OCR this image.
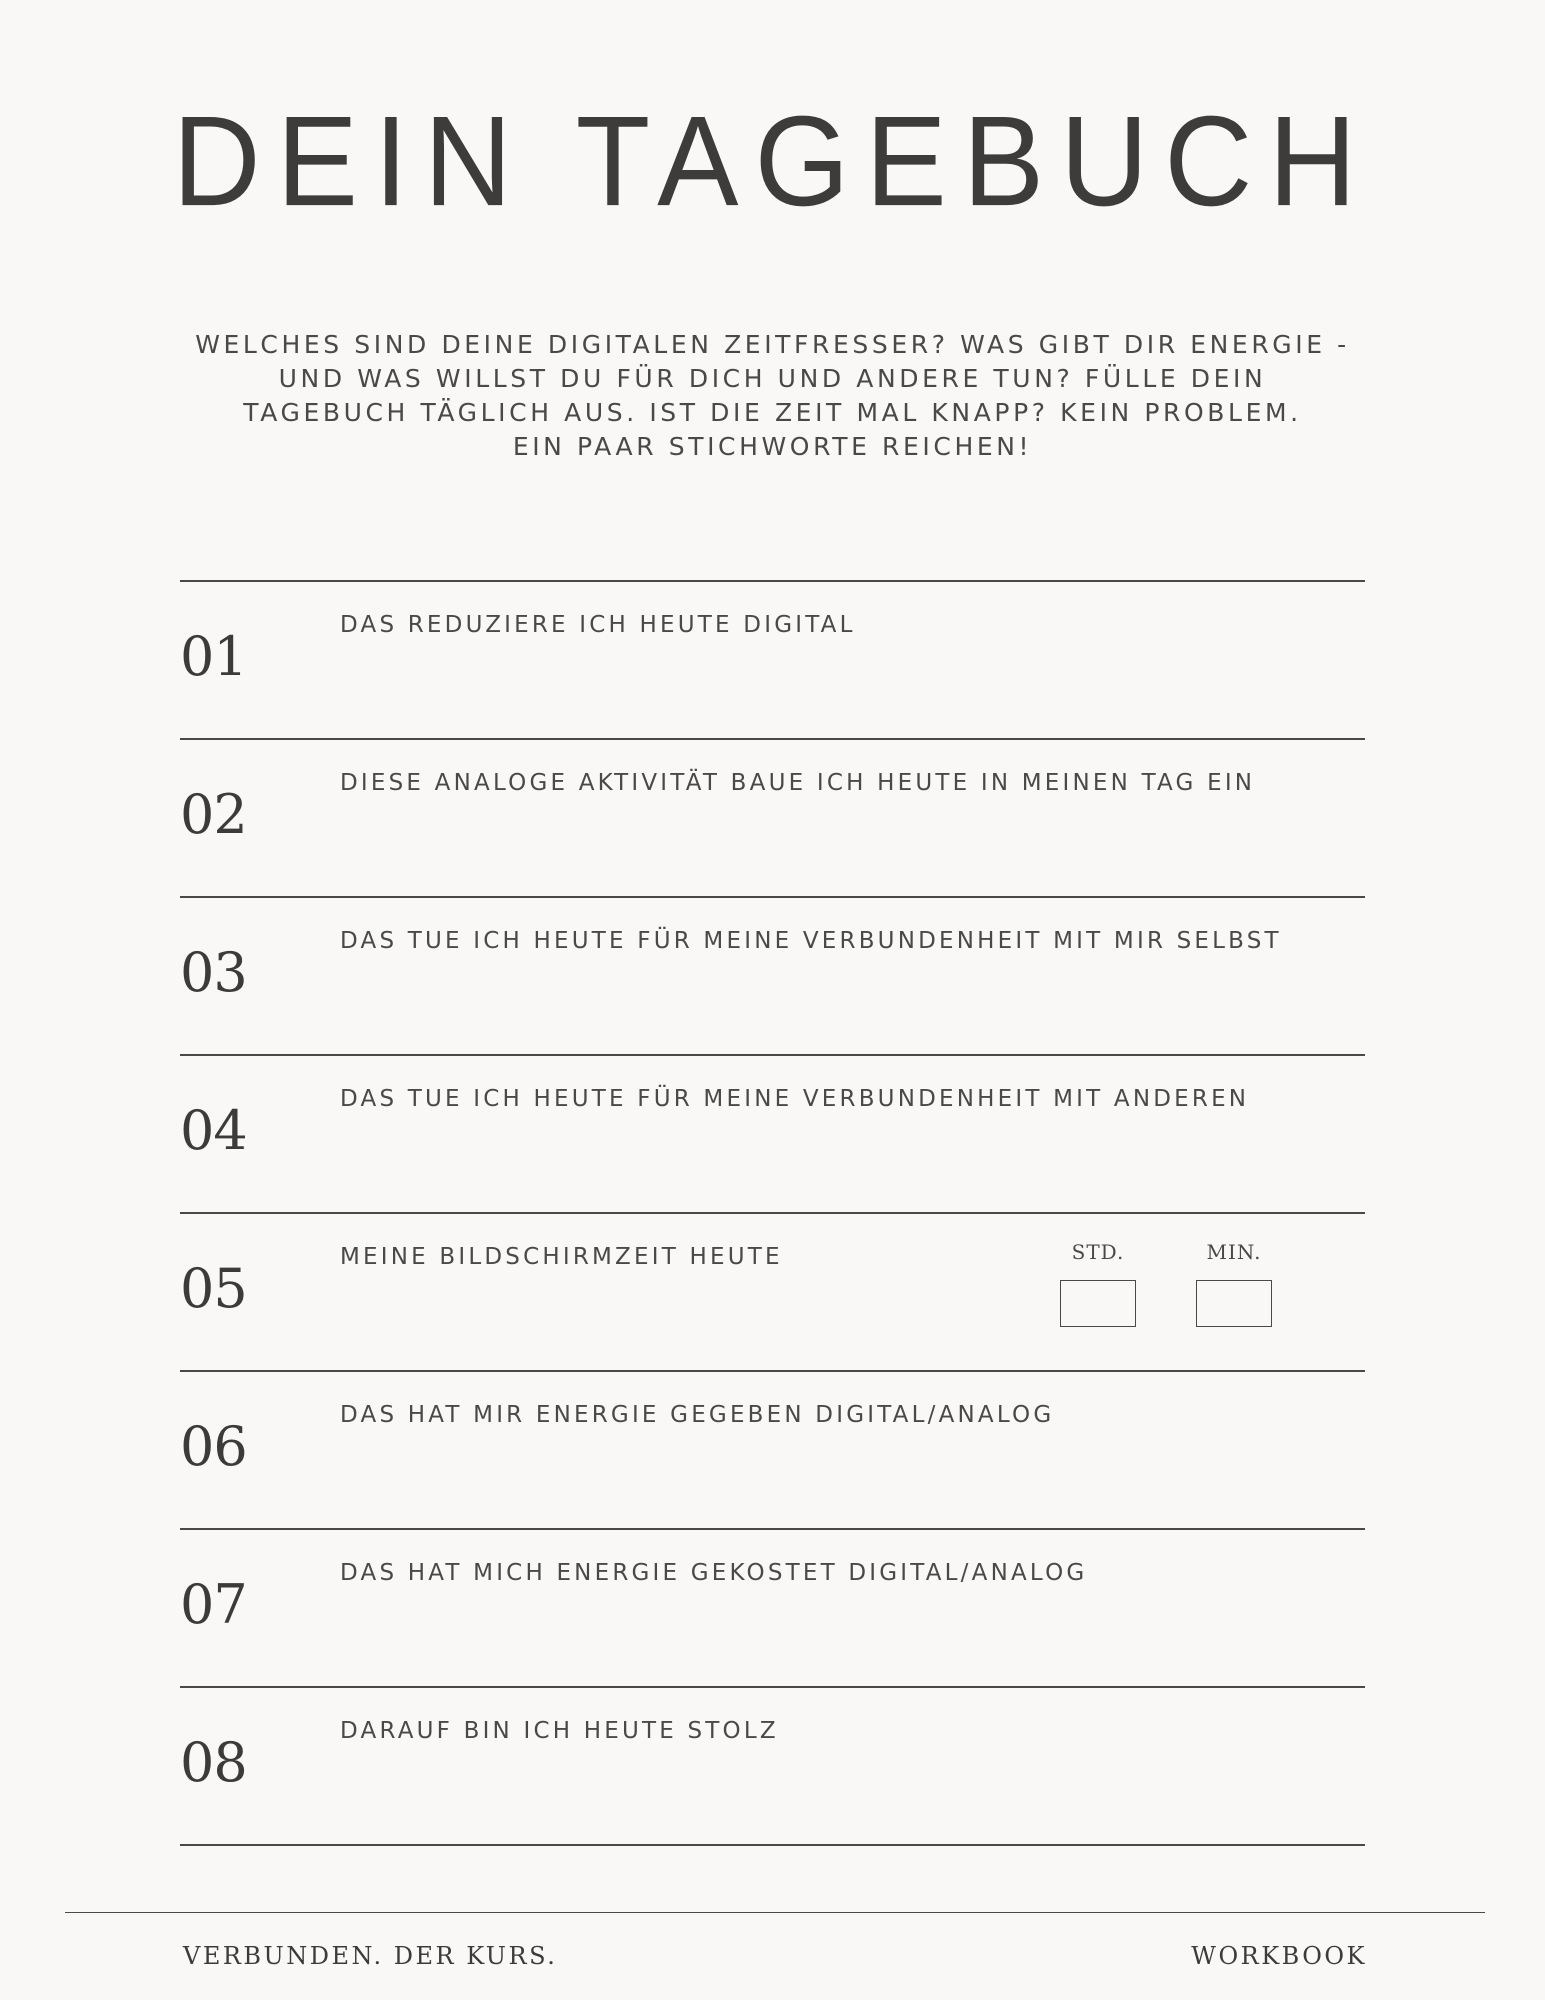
DEIN TAGEBUCH
WELCHES SIND DEINE DIGITALEN ZEITFRESSER? WAS GIBT DIR ENERGIE -
UND WAS WILLST DU FÜR DICH UND ANDERE TUN? FÜLLE DEIN
TAGEBUCH TÄGLICH AUS. IST DIE ZEIT MAL KNAPP? KEIN PROBLEM.
EIN PAAR STICHWORTE REICHEN!
01	DAS REDUZIERE ICH HEUTE DIGITAL
02	DIESE ANALOGE AKTIVITÄT BAUE ICH HEUTE IN MEINEN TAG EIN
03	DAS TUE ICH HEUTE FÜR MEINE VERBUNDENHEIT MIT MIR SELBST
04	DAS TUE ICH HEUTE FÜR MEINE VERBUNDENHEIT MIT ANDEREN
05	MEINE BILDSCHIRMZEIT HEUTE	STD.	MIN.
06	DAS HAT MIR ENERGIE GEGEBEN DIGITAL/ANALOG
07	DAS HAT MICH ENERGIE GEKOSTET DIGITAL/ANALOG
08	DARAUF BIN ICH HEUTE STOLZ
VERBUNDEN. DER KURS.	WORKBOOK
